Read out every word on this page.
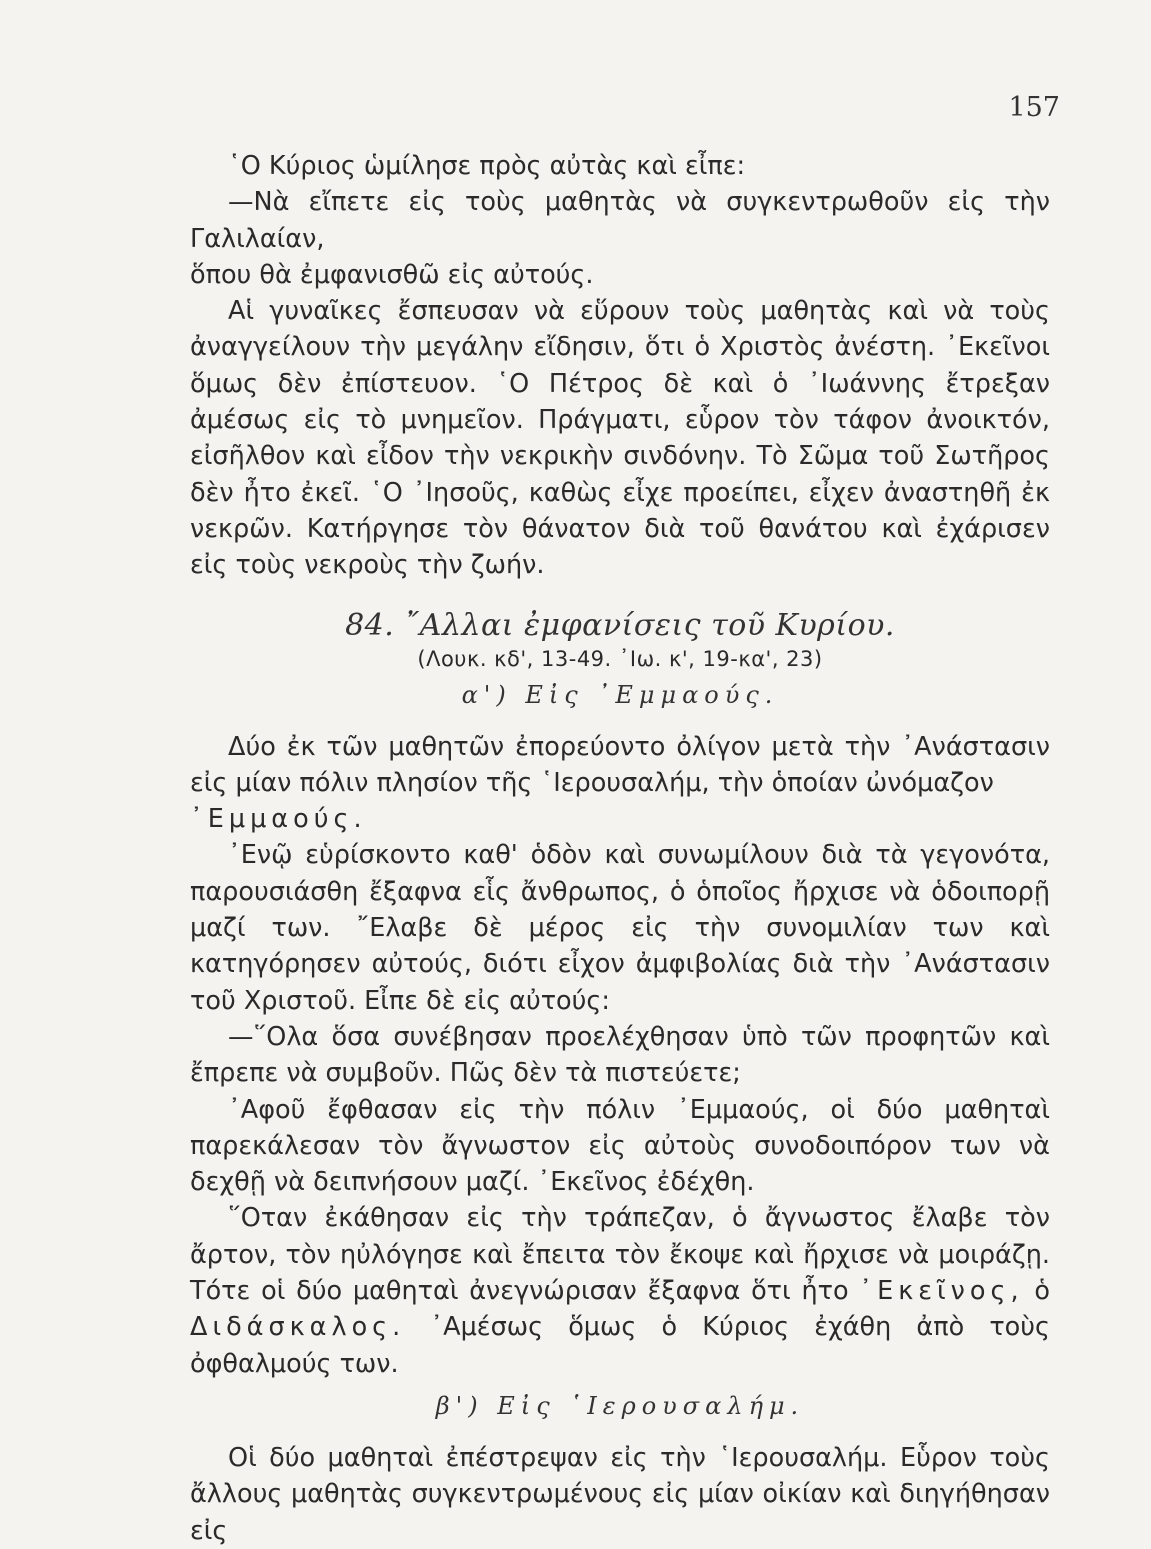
157

῾Ο Κύριος ὡμίλησε πρὸς αὐτὰς καὶ εἶπε:

—Νὰ εἴπετε εἰς τοὺς μαθητὰς νὰ συγκεντρωθοῦν εἰς τὴν Γαλιλαίαν,

ὅπου θὰ ἐμφανισθῶ εἰς αὐτούς.

Αἱ γυναῖκες ἔσπευσαν νὰ εὕρουν τοὺς μαθητὰς καὶ νὰ τοὺς ἀναγγείλουν τὴν μεγάλην εἴδησιν, ὅτι ὁ Χριστὸς ἀνέστη. ᾿Εκεῖνοι ὅμως δὲν ἐπίστευον. ῾Ο Πέτρος δὲ καὶ ὁ ᾿Ιωάννης ἔτρεξαν ἀμέσως εἰς τὸ μνημεῖον. Πράγματι, εὗρον τὸν τάφον ἀνοικτόν, εἰσῆλθον καὶ εἶδον τὴν νεκρικὴν σινδόνην. Τὸ Σῶμα τοῦ Σωτῆρος δὲν ἦτο ἐκεῖ. ῾Ο ᾿Ιησοῦς, καθὼς εἶχε προείπει, εἶχεν ἀναστηθῆ ἐκ νεκρῶν. Κατήργησε τὸν θάνατον διὰ τοῦ θανάτου καὶ ἐχάρισεν εἰς τοὺς νεκροὺς τὴν ζωήν.

84. ῎Αλλαι ἐμφανίσεις τοῦ Κυρίου.
(Λουκ. κδ', 13-49. ᾿Ιω. κ', 19-κα', 23)
α') Εἰς ᾿Εμμαούς.

Δύο ἐκ τῶν μαθητῶν ἐπορεύοντο ὀλίγον μετὰ τὴν ᾿Ανάστασιν εἰς μίαν πόλιν πλησίον τῆς ῾Ιερουσαλήμ, τὴν ὁποίαν ὠνόμαζον
᾿Εμμαούς.

᾿Ενῷ εὑρίσκοντο καθ' ὁδὸν καὶ συνωμίλουν διὰ τὰ γεγονότα, παρουσιάσθη ἔξαφνα εἷς ἄνθρωπος, ὁ ὁποῖος ἤρχισε νὰ ὁδοιπορῇ μαζί των. ῎Ελαβε δὲ μέρος εἰς τὴν συνομιλίαν των καὶ κατηγόρησεν αὐτούς, διότι εἶχον ἀμφιβολίας διὰ τὴν ᾿Ανάστασιν τοῦ Χριστοῦ. Εἶπε δὲ εἰς αὐτούς:

—῞Ολα ὅσα συνέβησαν προελέχθησαν ὑπὸ τῶν προφητῶν καὶ ἔπρεπε νὰ συμβοῦν. Πῶς δὲν τὰ πιστεύετε;

᾿Αφοῦ ἔφθασαν εἰς τὴν πόλιν ᾿Εμμαούς, οἱ δύο μαθηταὶ παρεκάλεσαν τὸν ἄγνωστον εἰς αὐτοὺς συνοδοιπόρον των νὰ δεχθῇ νὰ δειπνήσουν μαζί. ᾿Εκεῖνος ἐδέχθη.

῞Οταν ἐκάθησαν εἰς τὴν τράπεζαν, ὁ ἄγνωστος ἔλαβε τὸν ἄρτον, τὸν ηὐλόγησε καὶ ἔπειτα τὸν ἔκοψε καὶ ἤρχισε νὰ μοιράζῃ. Τότε οἱ δύο μαθηταὶ ἀνεγνώρισαν ἔξαφνα ὅτι ἦτο ᾿Εκεῖνος, ὁ Διδάσκαλος. ᾿Αμέσως ὅμως ὁ Κύριος ἐχάθη ἀπὸ τοὺς ὀφθαλμούς των.

β') Εἰς ῾Ιερουσαλήμ.

Οἱ δύο μαθηταὶ ἐπέστρεψαν εἰς τὴν ῾Ιερουσαλήμ. Εὗρον τοὺς ἄλλους μαθητὰς συγκεντρωμένους εἰς μίαν οἰκίαν καὶ διηγήθησαν εἰς
